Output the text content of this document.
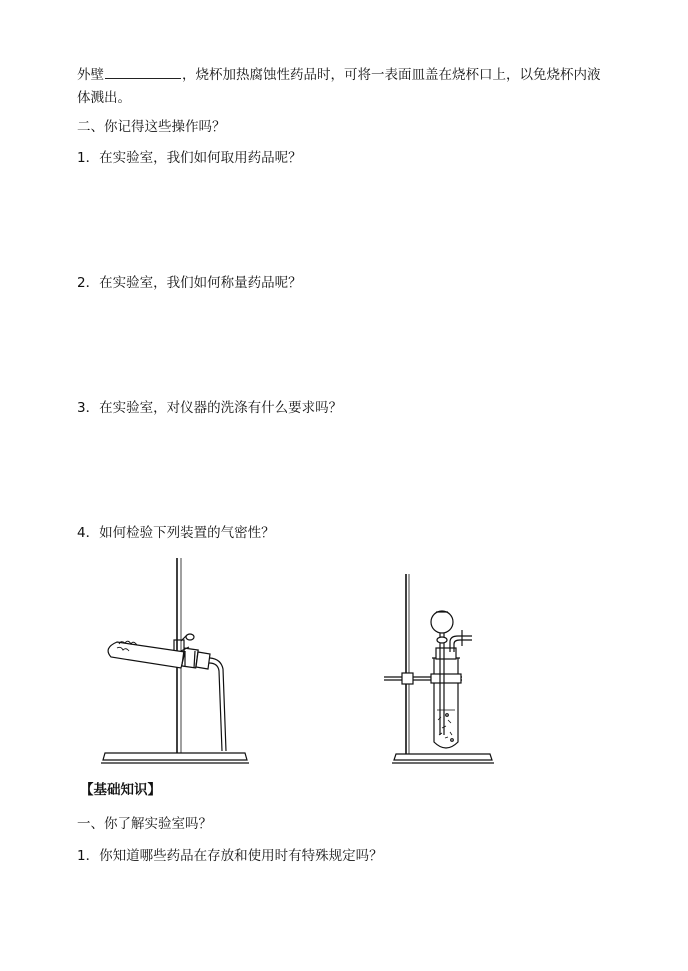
外壁	，烧杯加热腐蚀性药品时，可将一表面皿盖在烧杯口上，以免烧杯内液
体溅出。
二、你记得这些操作吗？
1．在实验室，我们如何取用药品呢？
2．在实验室，我们如何称量药品呢？
3．在实验室，对仪器的洗涤有什么要求吗？
4．如何检验下列装置的气密性？
【基础知识】
一、你了解实验室吗？
1．你知道哪些药品在存放和使用时有特殊规定吗？
